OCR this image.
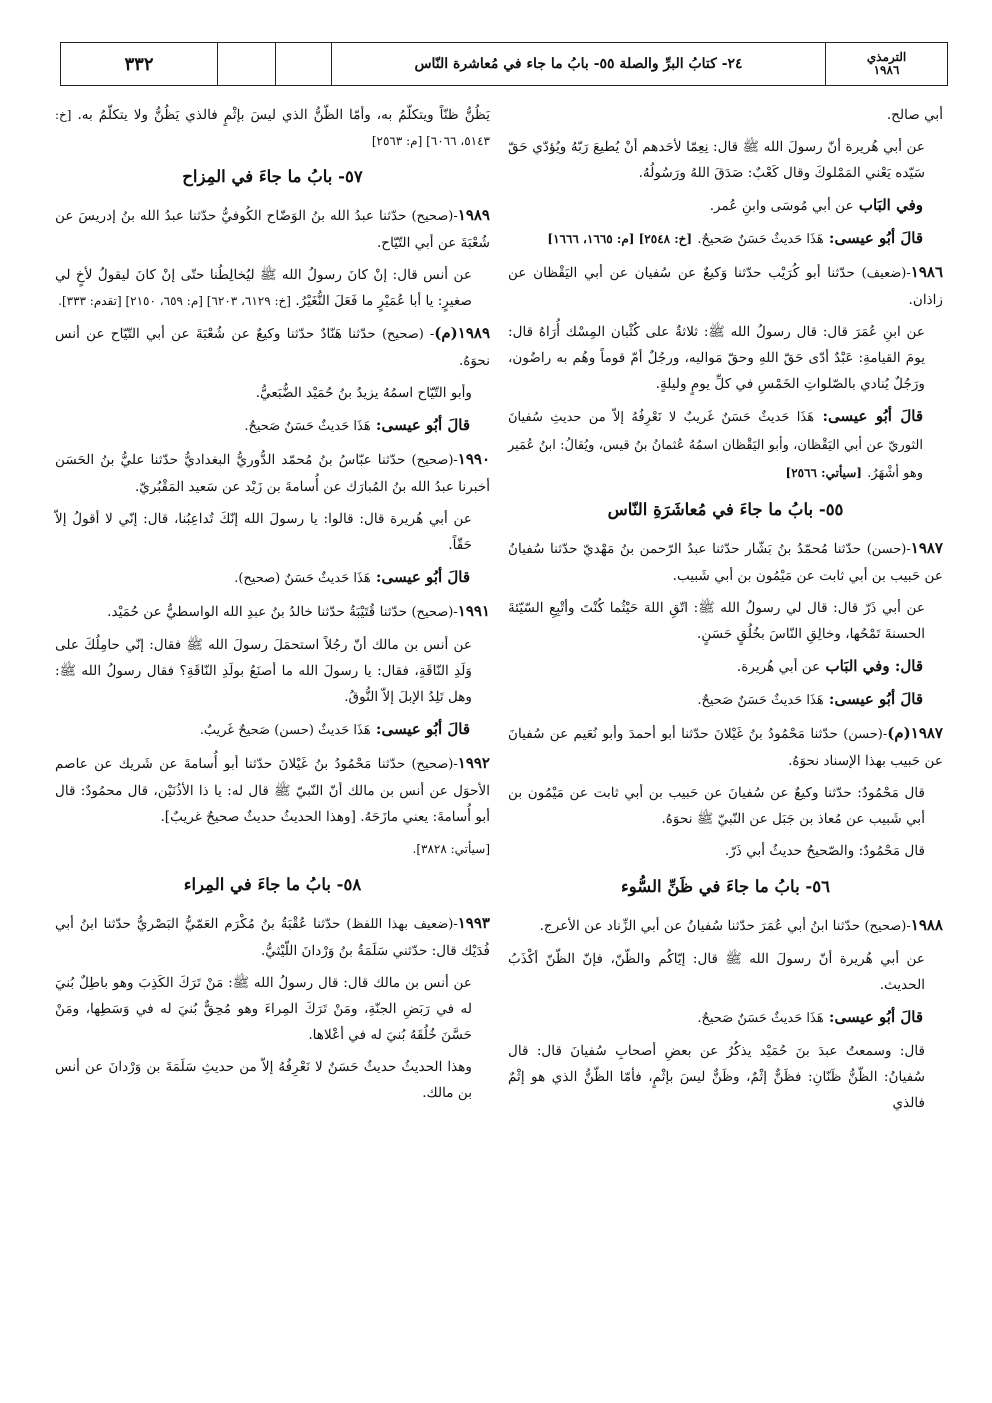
الترمذي
١٩٨٦
٢٤- كتابُ البرِّ والصلة ٥٥- بابُ ما جاء في مُعاشرة النّاس
٣٣٢

أبي صالح.

عن أبي هُريرة أنّ رسولَ الله ﷺ قال: نِعِمّا لأحَدهم أنْ يُطيعَ رَبّهُ ويُؤدّي حَقّ سَيّده يَعْني المَمْلوكَ وقال كَعْبٌ: صَدَقَ اللهُ ورَسُولُهُ.

وفي البَاب عن أبي مُوسَى وابنِ عُمر.

قالَ أبُو عيسى: هَذَا حَديثٌ حَسَنٌ صَحيحٌ. [خ: ٢٥٤٨] [م: ١٦٦٥، ١٦٦٦]

١٩٨٦-(ضعيف) حدّثنا أبو كُرَيْب حدّثنا وَكيعٌ عن سُفيان عن أبي اليَقْظان عن زاذان.

عن ابنِ عُمَرَ قال: قال رسولُ الله ﷺ: ثلاثةٌ على كُثْبان المِسْك أُرَاهُ قال: يومَ القيامةِ: عَبْدٌ أدّى حَقّ اللهِ وحقّ مَواليه، ورجُلٌ أمّ قوماً وهُم به راضُون، ورَجُلٌ يُنادي بالصّلواتِ الخَمْسِ في كلِّ يومٍ وليلةٍ.

قالَ أبُو عيسى: هَذَا حَديثٌ حَسَنٌ غَريبٌ لا نَعْرِفُهُ إلاّ من حديثِ سُفيانَ الثوريّ عن أبي اليَقْظان، وأبو اليَقْظان اسمُهُ عُثمانُ بنُ قيس، ويُقالُ: ابنُ عُمَير وهو أشْهَرُ. [سيأتي: ٢٥٦٦]

٥٥- بابُ ما جاءَ في مُعاشَرَةِ النّاس

١٩٨٧-(حسن) حدّثنا مُحمّدُ بنُ بَشّار حدّثنا عبدُ الرّحمن بنُ مَهْديّ حدّثنا سُفيانُ عن حَبيب بن أبي ثابت عن مَيْمُون بن أبي شَبيب.

عن أبي ذَرّ قال: قال لي رسولُ الله ﷺ: اتّقِ اللهَ حَيْثُما كُنْتَ وأتْبِعِ السّيّئةَ الحسنةَ تَمْحُها، وخالِقِ النّاسَ بخُلُقٍ حَسَنٍ.

قال: وفي البَاب عن أبي هُريرة.

قالَ أبُو عيسى: هَذَا حَديثٌ حَسَنٌ صَحيحٌ.

١٩٨٧(م)-(حسن) حدّثنا مَحْمُودُ بنُ غَيْلانَ حدّثنا أبو أحمدَ وأبو نُعَيم عن سُفيانَ عن حَبيب بهذا الإسناد نحوَهُ.

قال مَحْمُودٌ: حدّثنا وكيعٌ عن سُفيانَ عن حَبيب بن أبي ثابت عن مَيْمُون بن أبي شَبيب عن مُعاذ بن جَبَل عن النّبيّ ﷺ نحوَهُ.

قال مَحْمُودٌ: والصّحيحُ حديثُ أبي ذَرّ.

٥٦- بابُ ما جاءَ في ظَنِّ السُّوء

١٩٨٨-(صحيح) حدّثنا ابنُ أبي عُمَرَ حدّثنا سُفيانُ عن أبي الزِّناد عن الأعرج.

عن أبي هُريرة أنّ رسولَ الله ﷺ قال: إيّاكُم والظّنّ، فإنّ الظّنّ أكْذَبُ الحديث.

قالَ أبُو عيسى: هَذَا حَديثٌ حَسَنٌ صَحيحٌ.

قال: وسمعتُ عبدَ بنَ حُمَيْد يذكُرُ عن بعضِ أصحابِ سُفيانَ قال: قال سُفيانُ: الظّنُّ ظَنّانِ: فظَنٌّ إثْمٌ، وظَنٌّ ليسَ بإثْمٍ، فأمّا الظّنُّ الذي هو إثْمٌ فالذي

يَظُنُّ ظنّاً ويتكلّمُ به، وأمّا الظّنُّ الذي ليسَ بإثْمٍ فالذي يَظُنُّ ولا يتكلّمُ به. [خ: ٥١٤٣، ٦٠٦٦] [م: ٢٥٦٣]

٥٧- بابُ ما جاءَ في المِزاح

١٩٨٩-(صحيح) حدّثنا عبدُ الله بنُ الوَضّاح الكُوفيُّ حدّثنا عبدُ الله بنُ إدريسَ عن شُعْبَةَ عن أبي التّيّاح.

عن أنس قال: إنْ كانَ رسولُ الله ﷺ ليُخالِطُنا حتّى إنْ كانَ ليقولُ لأخٍ لي صغيرٍ: يا أبا عُمَيْرٍ ما فَعَلَ النُّغَيْرُ. [خ: ٦١٢٩، ٦٢٠٣] [م: ٦٥٩، ٢١٥٠] [تقدم: ٣٣٣].

١٩٨٩(م)- (صحيح) حدّثنا هَنّادٌ حدّثنا وكيعٌ عن شُعْبَةَ عن أبي التّيّاح عن أنس نحوَهُ.

وأبو التّيّاح اسمُهُ يزيدُ بنُ حُمَيْد الضُّبَعيُّ.

قالَ أبُو عيسى: هَذَا حَديثٌ حَسَنٌ صَحيحٌ.

١٩٩٠-(صحيح) حدّثنا عبّاسُ بنُ مُحمّد الدُّوريُّ البغداديُّ حدّثنا عليُّ بنُ الحَسَن أخبرنا عبدُ الله بنُ المُبارَك عن أُسامةَ بن زَيْد عن سَعيد المَقْبُريّ.

عن أبي هُريرة قال: قالوا: يا رسولَ الله إنّكَ تُداعِبُنا، قال: إنّي لا أقولُ إلاّ حَقّاً.

قالَ أبُو عيسى: هَذَا حَديثٌ حَسَنٌ (صحيح).

١٩٩١-(صحيح) حدّثنا قُتَيْبَةُ حدّثنا خالدُ بنُ عبدِ الله الواسطيُّ عن حُمَيْد.

عن أنس بن مالك أنّ رجُلاً استحمَلَ رسولَ الله ﷺ فقال: إنّي حامِلُكَ على وَلَدِ النّاقَةِ، فقال: يا رسولَ الله ما أصنَعُ بولَدِ النّاقَةِ؟ فقال رسولُ الله ﷺ: وهل تَلِدُ الإبلَ إلاّ النُّوقُ.

قالَ أبُو عيسى: هَذَا حَديثٌ (حسن) صَحيحٌ غَريبٌ.

١٩٩٢-(صحيح) حدّثنا مَحْمُودُ بنُ غَيْلانَ حدّثنا أبو أُسامةَ عن شَريك عن عاصم الأحوَل عن أنس بن مالك أنّ النّبيّ ﷺ قال له: يا ذا الأذُنَيْن، قال محمُودٌ: قال أبو أُسامةَ: يعني مازَحَهُ. [وهذا الحديثُ حديثٌ صحيحٌ غريبٌ].

[سيأتي: ٣٨٢٨].

٥٨- بابُ ما جاءَ في المِراء

١٩٩٣-(ضعيف بهذا اللفظ) حدّثنا عُقْبَةُ بنُ مُكْرَم العَمّيُّ البَصْريُّ حدّثنا ابنُ أبي فُدَيْك قال: حدّثني سَلَمَةُ بنُ وَرْدانَ اللّيْثيُّ.

عن أنس بن مالك قال: قال رسولُ الله ﷺ: مَنْ تَرَكَ الكَذِبَ وهو باطِلٌ بُنيَ له في رَبَضِ الجنّةِ، ومَنْ تَرَكَ المِراءَ وهو مُحِقٌّ بُنيَ له في وَسَطِها، ومَنْ حَسَّنَ خُلُقَهُ بُنيَ له في أعْلاها.

وهذا الحديثُ حديثٌ حَسَنٌ لا نَعْرِفُهُ إلاّ من حديثِ سَلَمَةَ بن وَرْدانَ عن أنس بن مالك.
